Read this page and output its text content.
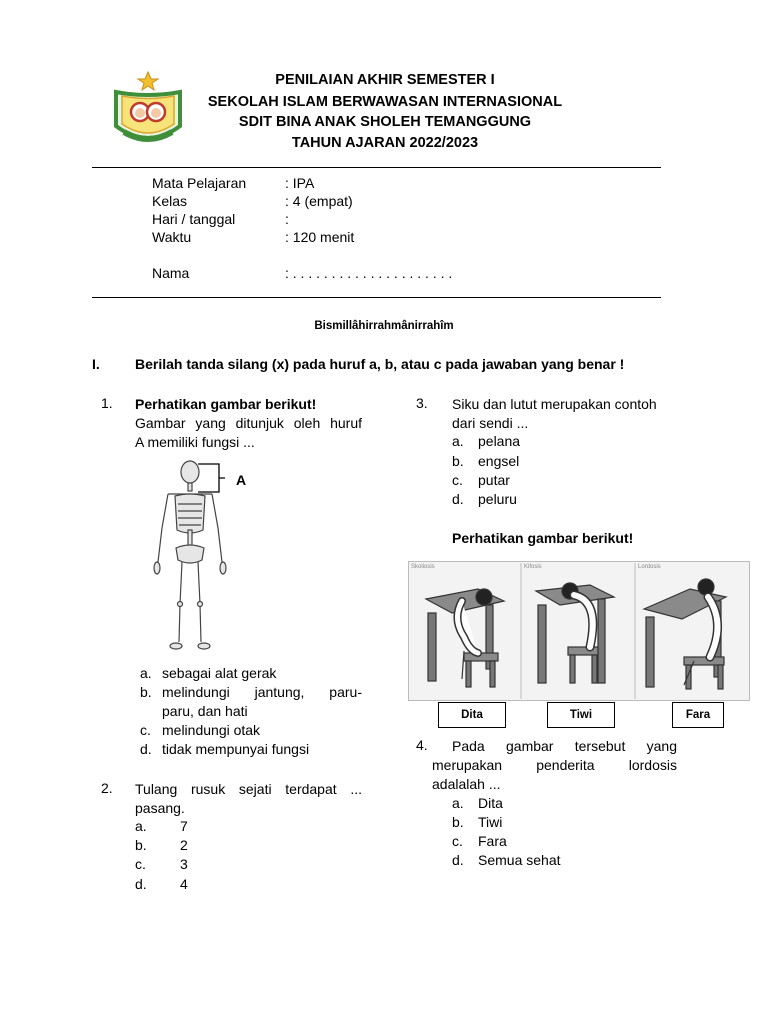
PENILAIAN AKHIR SEMESTER I
SEKOLAH ISLAM BERWAWASAN INTERNASIONAL
SDIT BINA ANAK SHOLEH TEMANGGUNG
TAHUN AJARAN 2022/2023
Mata Pelajaran	: IPA
Kelas	: 4 (empat)
Hari / tanggal	:
Waktu	: 120 menit
Nama	: . . . . . . . . . . . . . . . . . . . . .
Bismillâhirrahmânirrahîm
I.	Berilah tanda silang (x) pada huruf a, b, atau c pada jawaban yang benar !
1. Perhatikan gambar berikut!
Gambar yang ditunjuk oleh huruf
A memiliki fungsi ...
A
a. sebagai alat gerak
b. melindungi jantung, paru-
paru, dan hati
c. melindungi otak
d. tidak mempunyai fungsi
2. Tulang rusuk sejati terdapat ...
pasang.
a. 7
b. 2
c. 3
d. 4
3. Siku dan lutut merupakan contoh
dari sendi ...
a. pelana
b. engsel
c. putar
d. peluru
Perhatikan gambar berikut!
Skoliosis	Kifosis	Lordosis
Dita	Tiwi	Fara
4. Pada gambar tersebut yang
merupakan penderita lordosis
adalalah ...
a. Dita
b. Tiwi
c. Fara
d. Semua sehat
